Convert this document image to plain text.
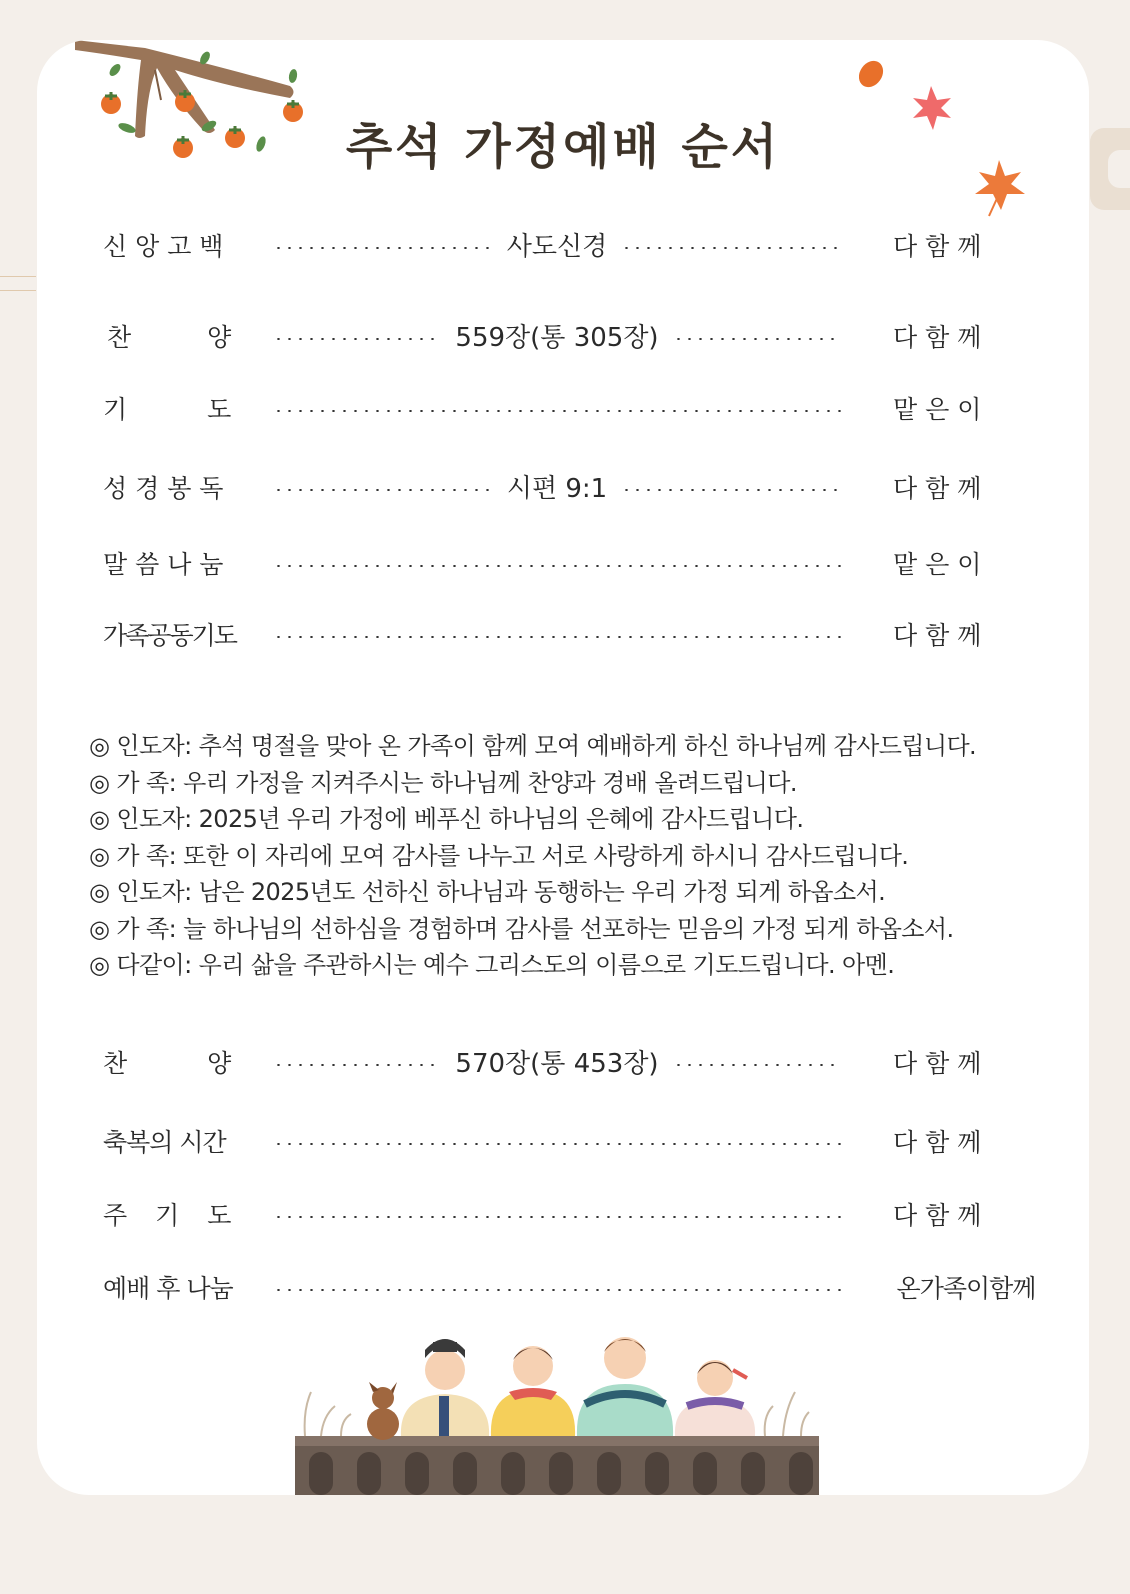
추석 가정예배 순서
신 앙 고 백	사도신경	다 함 께
찬 양	559장(통 305장)	다 함 께
기 도	맡 은 이
성 경 봉 독	시편 9:1	다 함 께
말 씀 나 눔	맡 은 이
가족공동기도	다 함 께
◎ 인도자: 추석 명절을 맞아 온 가족이 함께 모여 예배하게 하신 하나님께 감사드립니다.
◎ 가 족: 우리 가정을 지켜주시는 하나님께 찬양과 경배 올려드립니다.
◎ 인도자: 2025년 우리 가정에 베푸신 하나님의 은혜에 감사드립니다.
◎ 가 족: 또한 이 자리에 모여 감사를 나누고 서로 사랑하게 하시니 감사드립니다.
◎ 인도자: 남은 2025년도 선하신 하나님과 동행하는 우리 가정 되게 하옵소서.
◎ 가 족: 늘 하나님의 선하심을 경험하며 감사를 선포하는 믿음의 가정 되게 하옵소서.
◎ 다같이: 우리 삶을 주관하시는 예수 그리스도의 이름으로 기도드립니다. 아멘.
찬 양	570장(통 453장)	다 함 께
축복의 시간	다 함 께
주 기 도	다 함 께
예배 후 나눔	온가족이함께
